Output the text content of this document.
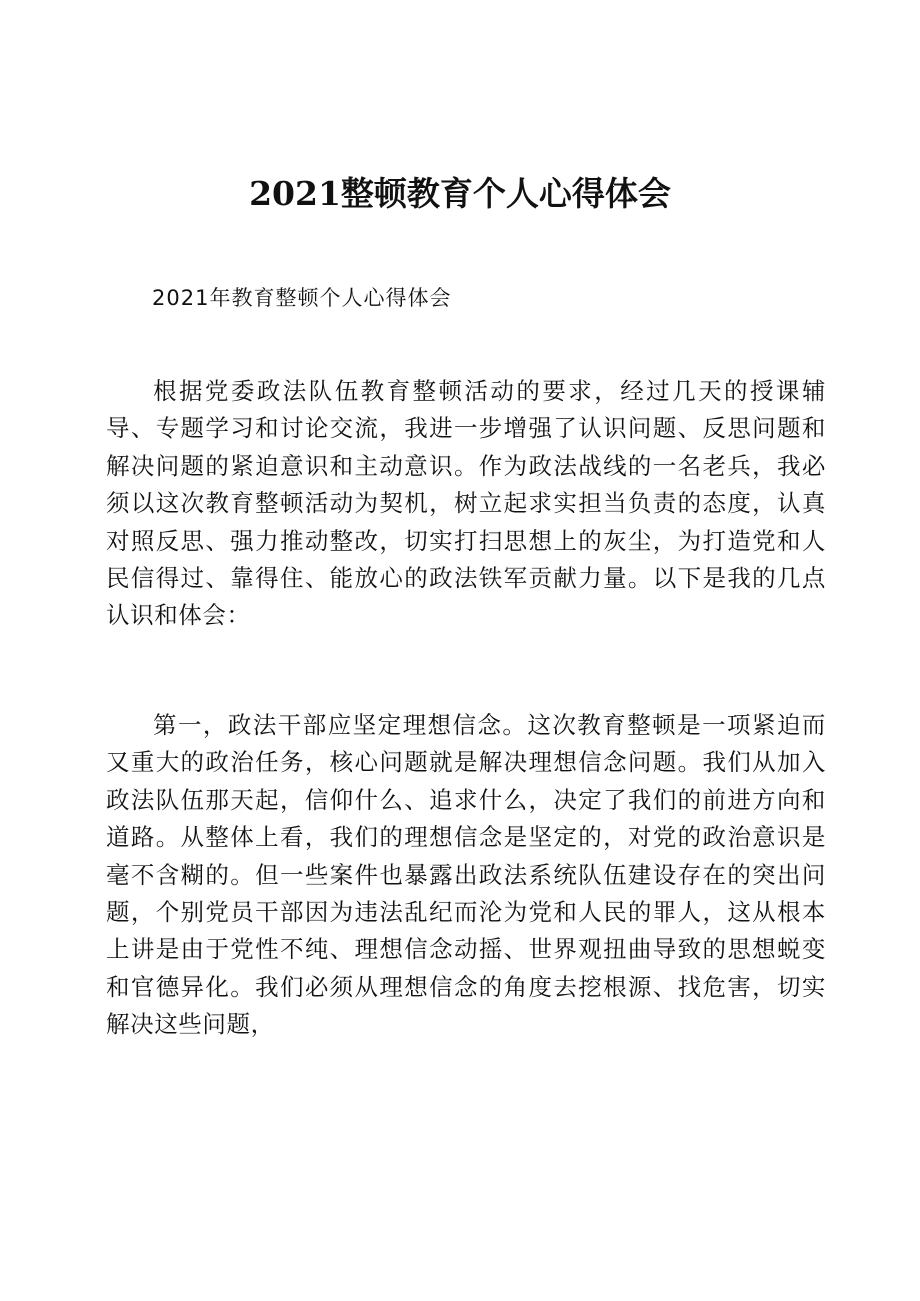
2021整顿教育个人心得体会

2021年教育整顿个人心得体会

根据党委政法队伍教育整顿活动的要求，经过几天的授课辅导、专题学习和讨论交流，我进一步增强了认识问题、反思问题和解决问题的紧迫意识和主动意识。作为政法战线的一名老兵，我必须以这次教育整顿活动为契机，树立起求实担当负责的态度，认真对照反思、强力推动整改，切实打扫思想上的灰尘，为打造党和人民信得过、靠得住、能放心的政法铁军贡献力量。以下是我的几点认识和体会：

第一，政法干部应坚定理想信念。这次教育整顿是一项紧迫而又重大的政治任务，核心问题就是解决理想信念问题。我们从加入政法队伍那天起，信仰什么、追求什么，决定了我们的前进方向和道路。从整体上看，我们的理想信念是坚定的，对党的政治意识是毫不含糊的。但一些案件也暴露出政法系统队伍建设存在的突出问题，个别党员干部因为违法乱纪而沦为党和人民的罪人，这从根本上讲是由于党性不纯、理想信念动摇、世界观扭曲导致的思想蜕变和官德异化。我们必须从理想信念的角度去挖根源、找危害，切实解决这些问题，
